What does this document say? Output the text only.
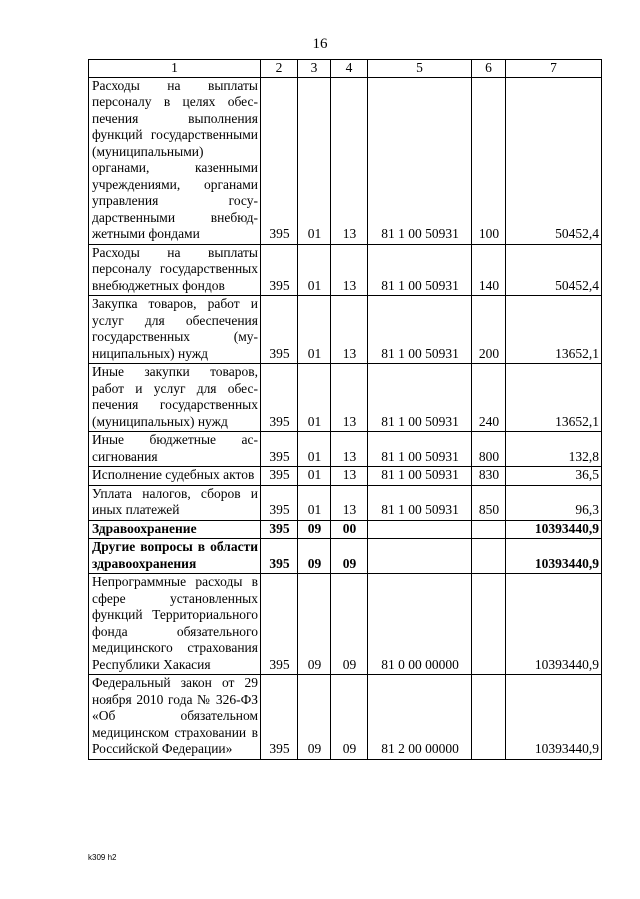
16
1	2	3	4	5	6	7
Расходы на выплаты персоналу в целях обеспечения выполнения функций государственными (муниципальными) органами, казенными учреждениями, органами управления государственными внебюджетными фондами	395	01	13	81 1 00 50931	100	50452,4
Расходы на выплаты персоналу государственных внебюджетных фондов	395	01	13	81 1 00 50931	140	50452,4
Закупка товаров, работ и услуг для обеспечения государственных (муниципальных) нужд	395	01	13	81 1 00 50931	200	13652,1
Иные закупки товаров, работ и услуг для обеспечения государственных (муниципальных) нужд	395	01	13	81 1 00 50931	240	13652,1
Иные бюджетные ассигнования	395	01	13	81 1 00 50931	800	132,8
Исполнение судебных актов	395	01	13	81 1 00 50931	830	36,5
Уплата налогов, сборов и иных платежей	395	01	13	81 1 00 50931	850	96,3
Здравоохранение	395	09	00			10393440,9
Другие вопросы в области здравоохранения	395	09	09			10393440,9
Непрограммные расходы в сфере установленных функций Территориального фонда обязательного медицинского страхования Республики Хакасия	395	09	09	81 0 00 00000		10393440,9
Федеральный закон от 29 ноября 2010 года № 326-ФЗ «Об обязательном медицинском страховании в Российской Федерации»	395	09	09	81 2 00 00000		10393440,9
k309 h2
